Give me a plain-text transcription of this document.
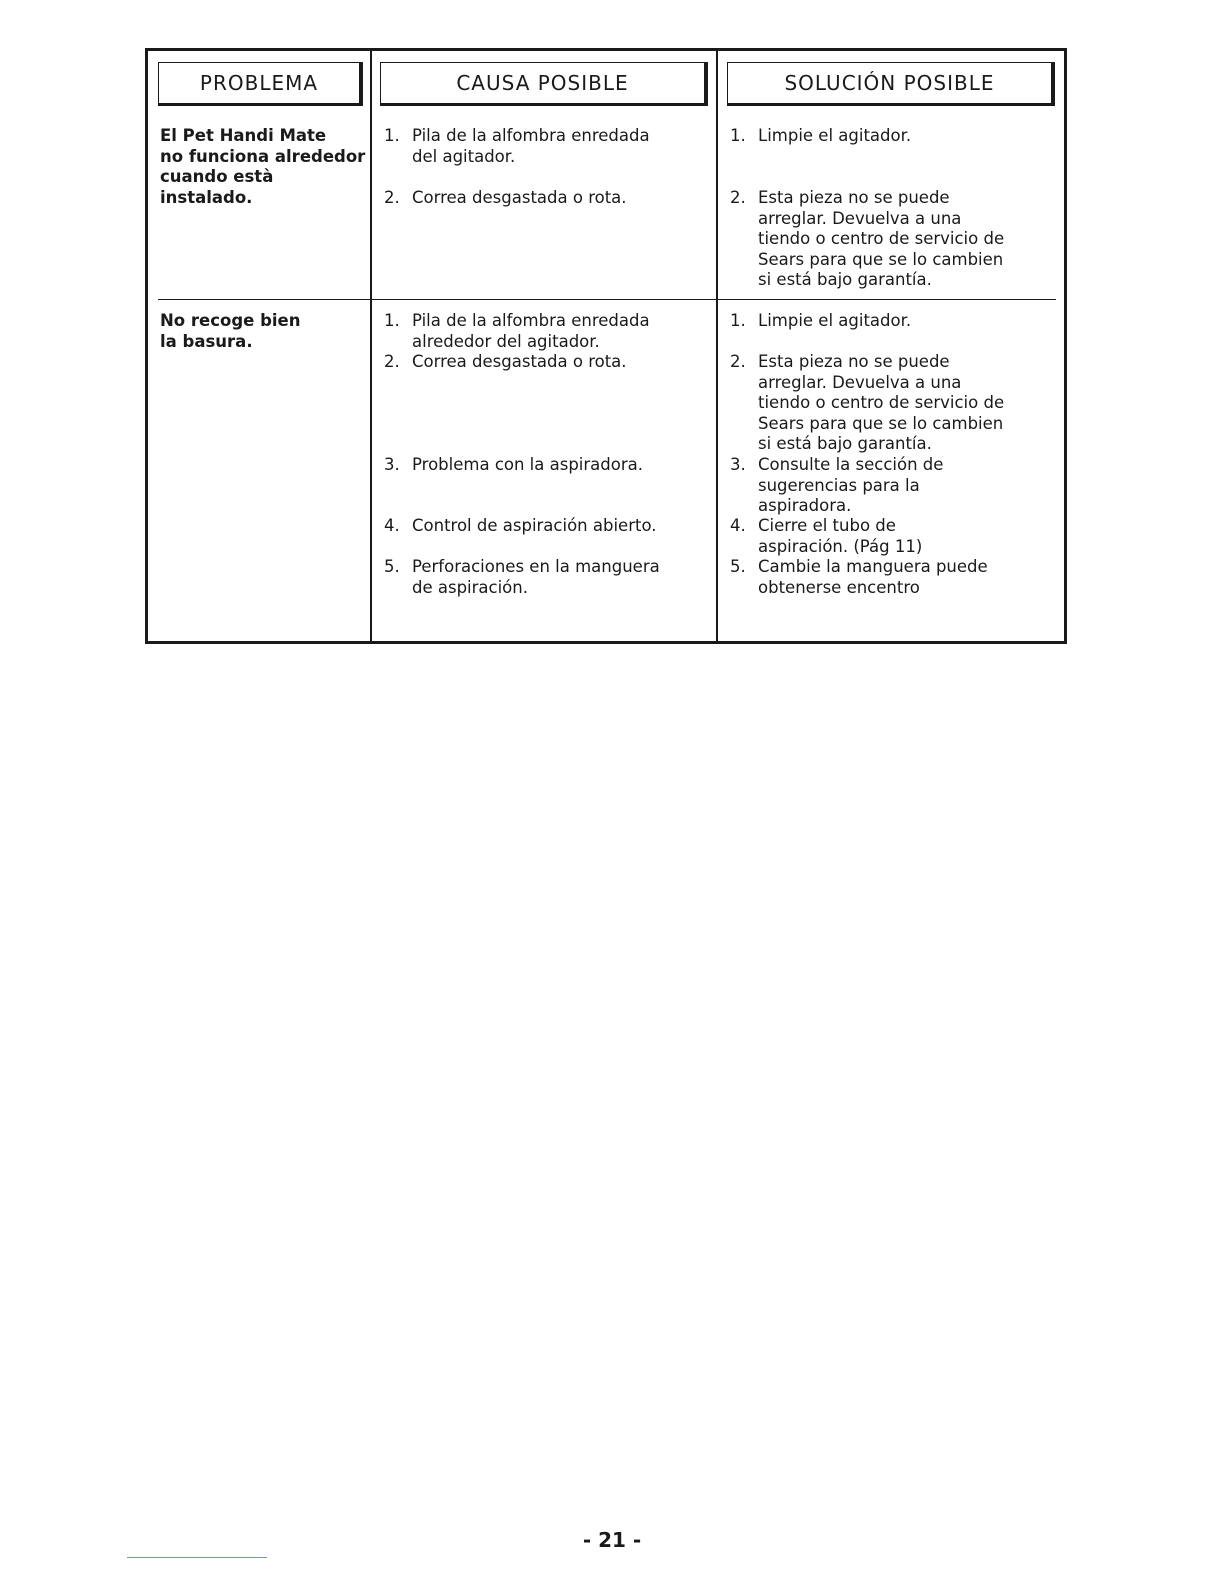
PROBLEMA	CAUSA POSIBLE	SOLUCIÓN POSIBLE
El Pet Handi Mate
no funciona alrededor
cuando està
instalado.
1. Pila de la alfombra enredada
del agitador.
2. Correa desgastada o rota.
1. Limpie el agitador.
2. Esta pieza no se puede
arreglar. Devuelva a una
tiendo o centro de servicio de
Sears para que se lo cambien
si está bajo garantía.
No recoge bien
la basura.
1. Pila de la alfombra enredada
alrededor del agitador.
2. Correa desgastada o rota.
3. Problema con la aspiradora.
4. Control de aspiración abierto.
5. Perforaciones en la manguera
de aspiración.
1. Limpie el agitador.
2. Esta pieza no se puede
arreglar. Devuelva a una
tiendo o centro de servicio de
Sears para que se lo cambien
si está bajo garantía.
3. Consulte la sección de
sugerencias para la
aspiradora.
4. Cierre el tubo de
aspiración. (Pág 11)
5. Cambie la manguera puede
obtenerse encentro
- 21 -
